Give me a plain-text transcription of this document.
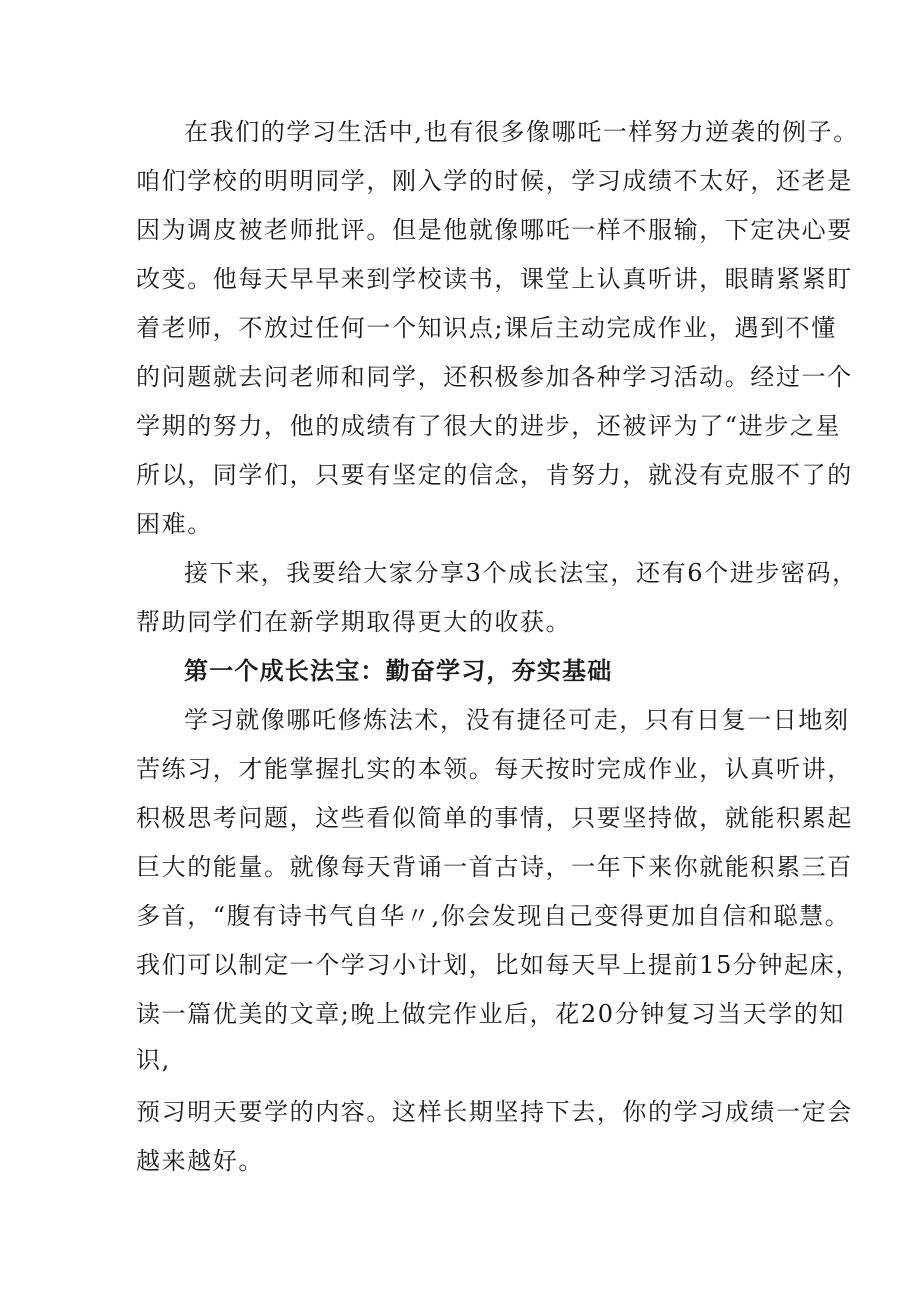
在我们的学习生活中,也有很多像哪吒一样努力逆袭的例子。
咱们学校的明明同学，刚入学的时候，学习成绩不太好，还老是
因为调皮被老师批评。但是他就像哪吒一样不服输，下定决心要
改变。他每天早早来到学校读书，课堂上认真听讲，眼睛紧紧盯
着老师，不放过任何一个知识点;课后主动完成作业，遇到不懂
的问题就去问老师和同学，还积极参加各种学习活动。经过一个
学期的努力，他的成绩有了很大的进步，还被评为了“进步之星
所以，同学们，只要有坚定的信念，肯努力，就没有克服不了的
困难。
接下来，我要给大家分享3个成长法宝，还有6个进步密码，
帮助同学们在新学期取得更大的收获。
第一个成长法宝：勤奋学习，夯实基础
学习就像哪吒修炼法术，没有捷径可走，只有日复一日地刻
苦练习，才能掌握扎实的本领。每天按时完成作业，认真听讲，
积极思考问题，这些看似简单的事情，只要坚持做，就能积累起
巨大的能量。就像每天背诵一首古诗，一年下来你就能积累三百
多首，“腹有诗书气自华〃,你会发现自己变得更加自信和聪慧。
我们可以制定一个学习小计划，比如每天早上提前15分钟起床，
读一篇优美的文章;晚上做完作业后，花20分钟复习当天学的知
识,
预习明天要学的内容。这样长期坚持下去，你的学习成绩一定会
越来越好。
